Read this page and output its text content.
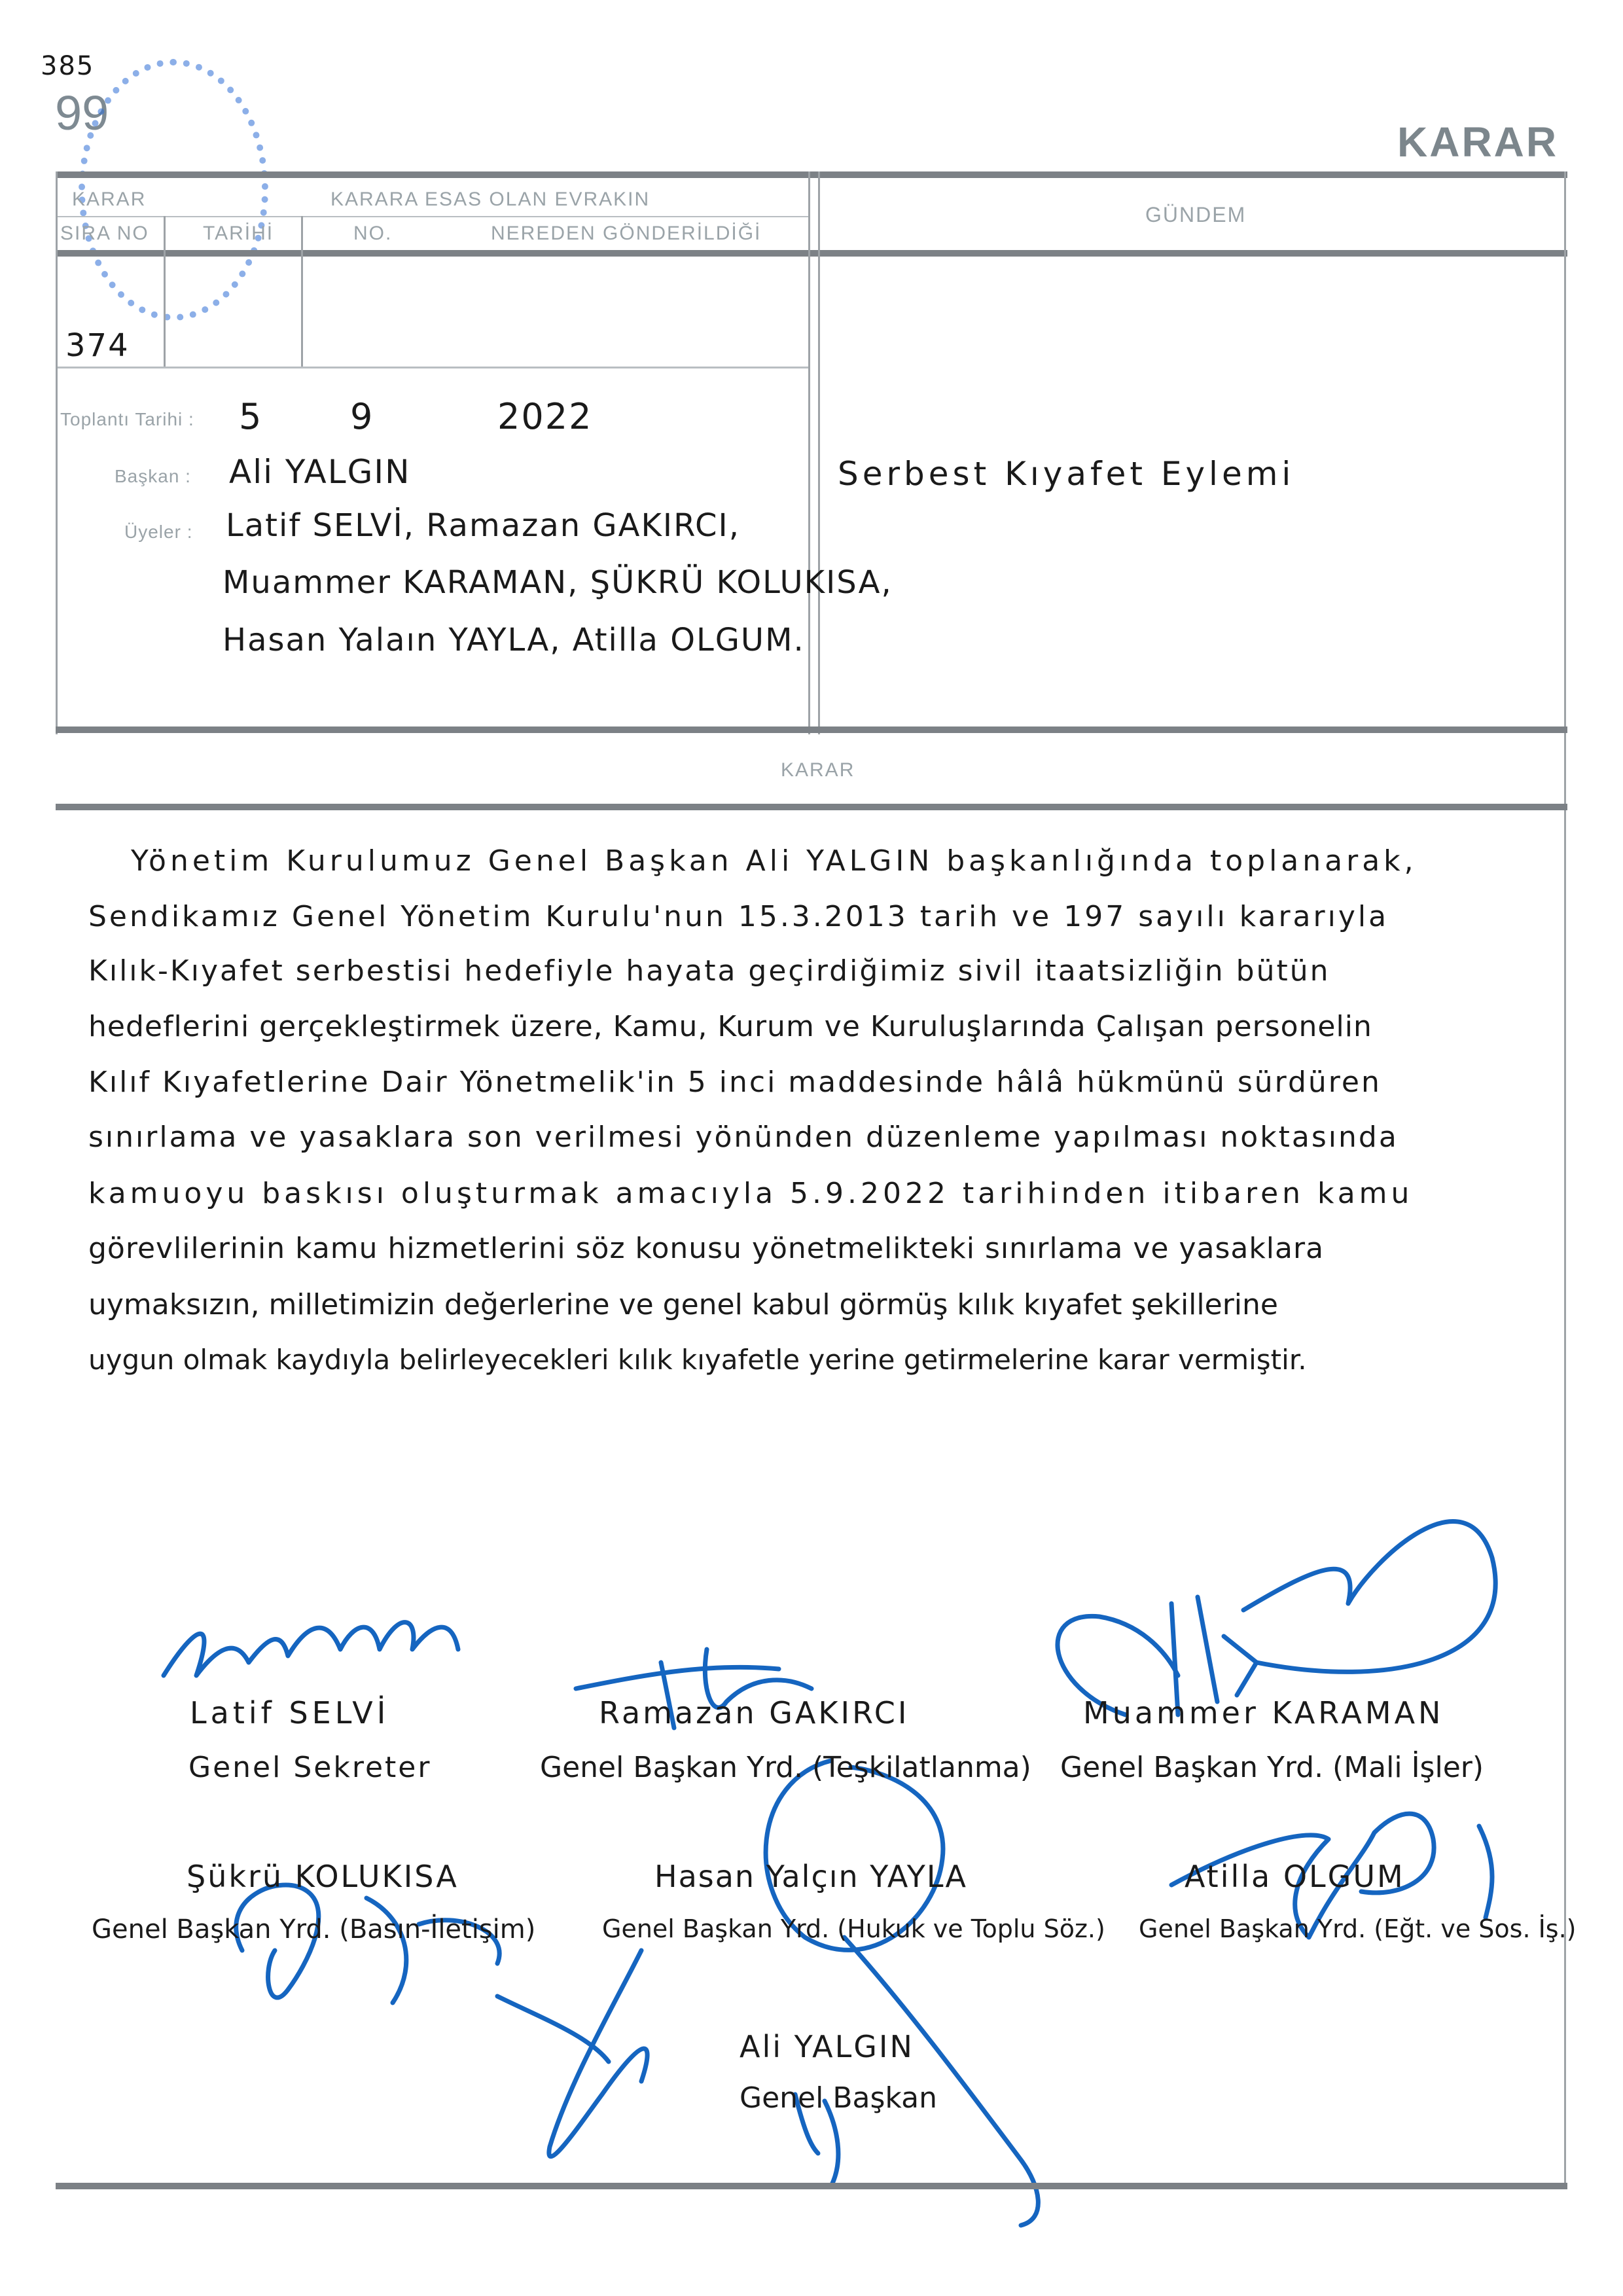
385
99
KARAR
KARAR
SIRA NO	TARİHİ
KARARA ESAS OLAN EVRAKIN
NO.	NEREDEN GÖNDERİLDİĞİ
GÜNDEM
374
Toplantı Tarihi : 5 9	2022
Başkan : Ali YALGIN
Üyeler : Latif SELVİ, Ramazan GAKIRCI,
Muammer KARAMAN, ŞÜKRÜ KOLUKISA,
Hasan Yalaın YAYLA, Atilla OLGUM.
Serbest Kıyafet Eylemi
KARAR
Yönetim Kurulumuz Genel Başkan Ali YALGIN başkanlığında toplanarak,
Sendikamız Genel Yönetim Kurulu'nun 15.3.2013 tarih ve 197 sayılı kararıyla
Kılık-Kıyafet serbestisi hedefiyle hayata geçirdiğimiz sivil itaatsizliğin bütün
hedeflerini gerçekleştirmek üzere, Kamu, Kurum ve Kuruluşlarında Çalışan personelin
Kılıf Kıyafetlerine Dair Yönetmelik'in 5 inci maddesinde hâlâ hükmünü sürdüren
sınırlama ve yasaklara son verilmesi yönünden düzenleme yapılması noktasında
kamuoyu baskısı oluşturmak amacıyla 5.9.2022 tarihinden itibaren kamu
görevlilerinin kamu hizmetlerini söz konusu yönetmelikteki sınırlama ve yasaklara
uymaksızın, milletimizin değerlerine ve genel kabul görmüş kılık kıyafet şekillerine
uygun olmak kaydıyla belirleyecekleri kılık kıyafetle yerine getirmelerine karar vermiştir.
Latif SELVİ
Genel Sekreter
Ramazan GAKIRCI
Genel Başkan Yrd. (Teşkilatlanma)
Muammer KARAMAN
Genel Başkan Yrd. (Mali İşler)
Şükrü KOLUKISA
Genel Başkan Yrd. (Basın-İletişim)
Hasan Yalçın YAYLA
Genel Başkan Yrd. (Hukuk ve Toplu Söz.)
Atilla OLGUM
Genel Başkan Yrd. (Eğt. ve Sos. İş.)
Ali YALGIN
Genel Başkan
